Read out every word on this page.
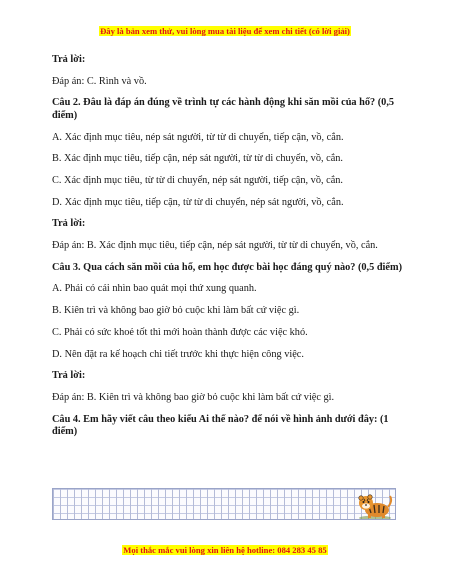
Đây là bản xem thử, vui lòng mua tài liệu để xem chi tiết (có lời giải)

Trả lời:

Đáp án: C. Rình và vồ.

Câu 2. Đâu là đáp án đúng về trình tự các hành động khi săn mồi của hổ? (0,5 điểm)

A. Xác định mục tiêu, nép sát người, từ từ di chuyển, tiếp cận, vồ, cắn.

B. Xác định mục tiêu, tiếp cận, nép sát người, từ từ di chuyển, vồ, cắn.

C. Xác định mục tiêu, từ từ di chuyển, nép sát người, tiếp cận, vồ, cắn.

D. Xác định mục tiêu, tiếp cận, từ từ di chuyển, nép sát người, vồ, cắn.

Trả lời:

Đáp án: B. Xác định mục tiêu, tiếp cận, nép sát người, từ từ di chuyển, vồ, cắn.

Câu 3. Qua cách săn mồi của hổ, em học được bài học đáng quý nào? (0,5 điểm)

A. Phải có cái nhìn bao quát mọi thứ xung quanh.

B. Kiên trì và không bao giờ bỏ cuộc khi làm bất cứ việc gì.

C. Phải có sức khoẻ tốt thì mới hoàn thành được các việc khó.

D. Nên đặt ra kế hoạch chi tiết trước khi thực hiện công việc.

Trả lời:

Đáp án: B. Kiên trì và không bao giờ bỏ cuộc khi làm bất cứ việc gì.

Câu 4. Em hãy viết câu theo kiểu Ai thế nào? để nói về hình ảnh dưới đây: (1 điểm)

Mọi thắc mắc vui lòng xin liên hệ hotline: 084 283 45 85
